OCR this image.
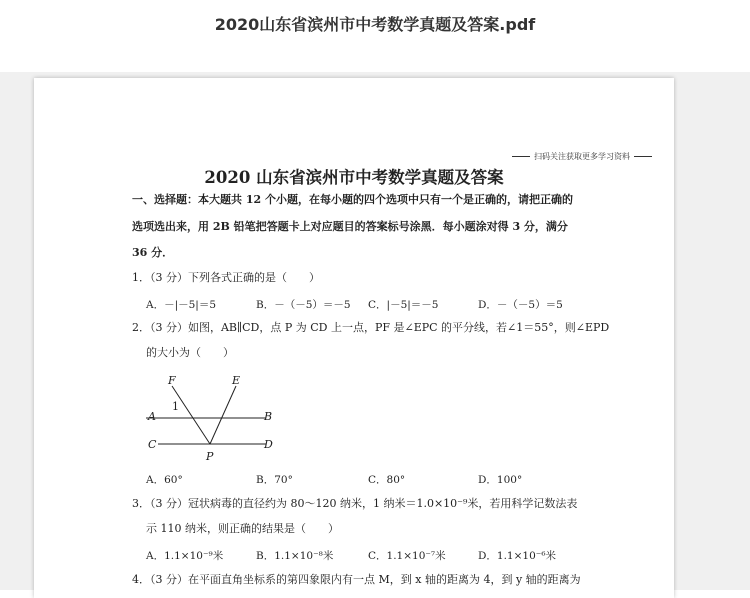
2020山东省滨州市中考数学真题及答案.pdf
扫码关注获取更多学习资料
2020 山东省滨州市中考数学真题及答案
一、选择题：本大题共 12 个小题，在每小题的四个选项中只有一个是正确的，请把正确的
选项选出来，用 2B 铅笔把答题卡上对应题目的答案标号涂黑．每小题涂对得 3 分，满分
36 分．
1．（3 分）下列各式正确的是（　　）
A．－|－5|＝5	B．－（－5）＝－5 C．|－5|＝－5	D．－（－5）＝5
2．（3 分）如图，AB∥CD，点 P 为 CD 上一点，PF 是∠EPC 的平分线，若∠1＝55°，则∠EPD
的大小为（　　）
F	E
A	B
C	D
P
1
A．60°	B．70°	C．80°	D．100°
3．（3 分）冠状病毒的直径约为 80～120 纳米，1 纳米＝1.0×10⁻⁹米，若用科学记数法表
示 110 纳米，则正确的结果是（　　）
A．1.1×10⁻⁹米	B．1.1×10⁻⁸米	C．1.1×10⁻⁷米	D．1.1×10⁻⁶米
4．（3 分）在平面直角坐标系的第四象限内有一点 M，到 x 轴的距离为 4，到 y 轴的距离为
